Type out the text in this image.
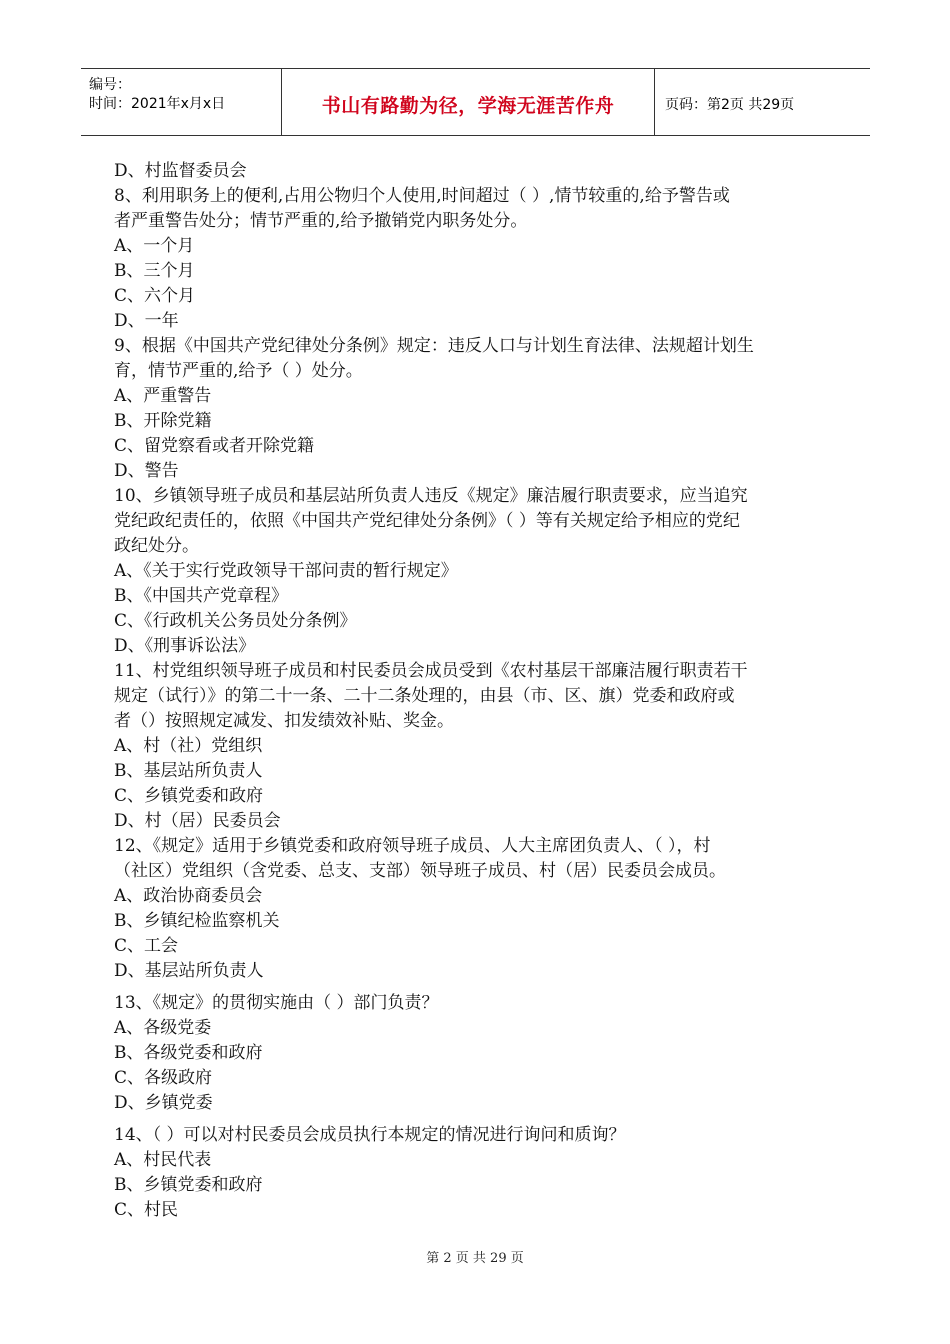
编号：
时间：2021年x月x日	书山有路勤为径，学海无涯苦作舟	页码：第2页 共29页
D、村监督委员会
8、利用职务上的便利,占用公物归个人使用,时间超过（ ）,情节较重的,给予警告或
者严重警告处分；情节严重的,给予撤销党内职务处分。
A、一个月
B、三个月
C、六个月
D、一年
9、根据《中国共产党纪律处分条例》规定：违反人口与计划生育法律、法规超计划生
育，情节严重的,给予（ ）处分。
A、严重警告
B、开除党籍
C、留党察看或者开除党籍
D、警告
10、乡镇领导班子成员和基层站所负责人违反《规定》廉洁履行职责要求，应当追究
党纪政纪责任的，依照《中国共产党纪律处分条例》（ ）等有关规定给予相应的党纪
政纪处分。
A、《关于实行党政领导干部问责的暂行规定》
B、《中国共产党章程》
C、《行政机关公务员处分条例》
D、《刑事诉讼法》
11、村党组织领导班子成员和村民委员会成员受到《农村基层干部廉洁履行职责若干
规定（试行）》的第二十一条、二十二条处理的，由县（市、区、旗）党委和政府或
者（）按照规定减发、扣发绩效补贴、奖金。
A、村（社）党组织
B、基层站所负责人
C、乡镇党委和政府
D、村（居）民委员会
12、《规定》适用于乡镇党委和政府领导班子成员、人大主席团负责人、（ ），村
（社区）党组织（含党委、总支、支部）领导班子成员、村（居）民委员会成员。
A、政治协商委员会
B、乡镇纪检监察机关
C、工会
D、基层站所负责人
13、《规定》的贯彻实施由（ ）部门负责？
A、各级党委
B、各级党委和政府
C、各级政府
D、乡镇党委
14、（ ）可以对村民委员会成员执行本规定的情况进行询问和质询？
A、村民代表
B、乡镇党委和政府
C、村民
第 2 页 共 29 页
